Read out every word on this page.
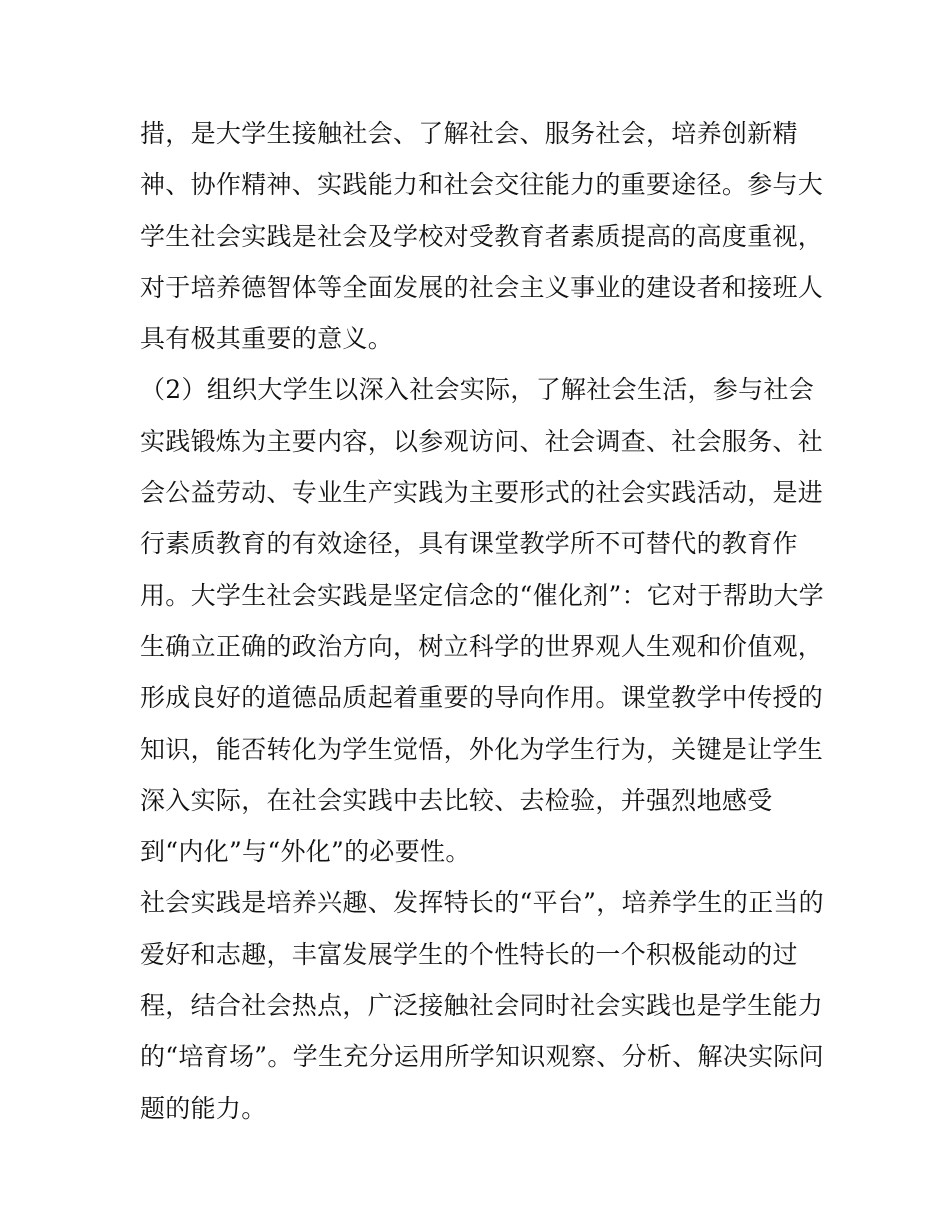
措，是大学生接触社会、了解社会、服务社会，培养创新精
神、协作精神、实践能力和社会交往能力的重要途径。参与大
学生社会实践是社会及学校对受教育者素质提高的高度重视，
对于培养德智体等全面发展的社会主义事业的建设者和接班人
具有极其重要的意义。
（2）组织大学生以深入社会实际，了解社会生活，参与社会
实践锻炼为主要内容，以参观访问、社会调查、社会服务、社
会公益劳动、专业生产实践为主要形式的社会实践活动，是进
行素质教育的有效途径，具有课堂教学所不可替代的教育作
用。大学生社会实践是坚定信念的“催化剂”：它对于帮助大学
生确立正确的政治方向，树立科学的世界观人生观和价值观，
形成良好的道德品质起着重要的导向作用。课堂教学中传授的
知识，能否转化为学生觉悟，外化为学生行为，关键是让学生
深入实际，在社会实践中去比较、去检验，并强烈地感受
到“内化”与“外化”的必要性。
社会实践是培养兴趣、发挥特长的“平台”，培养学生的正当的
爱好和志趣，丰富发展学生的个性特长的一个积极能动的过
程，结合社会热点，广泛接触社会同时社会实践也是学生能力
的“培育场”。学生充分运用所学知识观察、分析、解决实际问
题的能力。
